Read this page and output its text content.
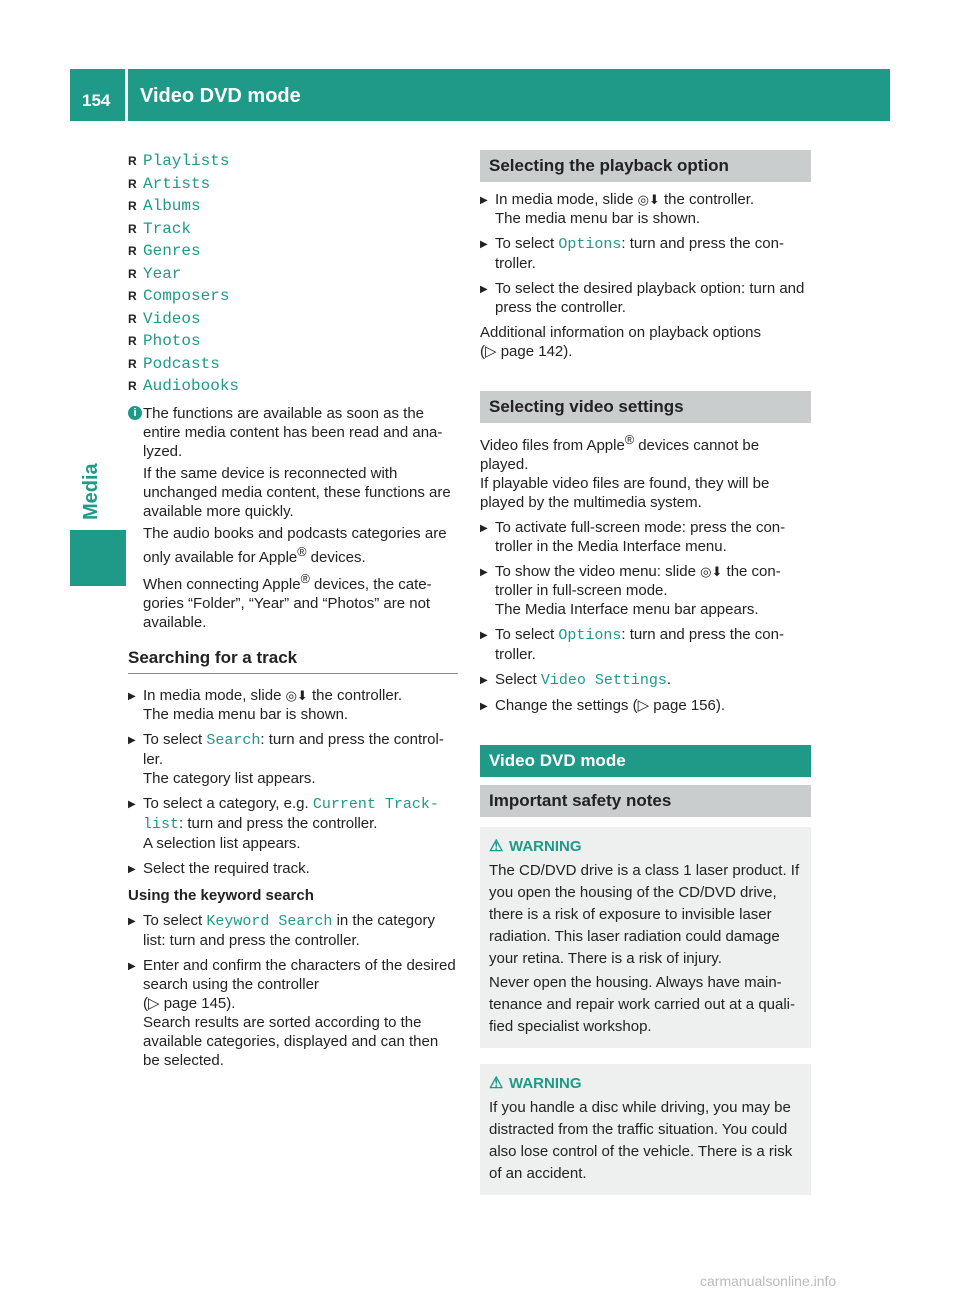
154 Video DVD mode
Media
R Playlists
R Artists
R Albums
R Track
R Genres
R Year
R Composers
R Videos
R Photos
R Podcasts
R Audiobooks
i The functions are available as soon as the entire media content has been read and ana-lyzed.

If the same device is reconnected with unchanged media content, these functions are available more quickly.

The audio books and podcasts categories are only available for Apple® devices.

When connecting Apple® devices, the cate-gories “Folder”, “Year” and “Photos” are not available.

Searching for a track
▶ In media mode, slide ◎⬇ the controller.
The media menu bar is shown.
▶ To select Search: turn and press the control-ler.
The category list appears.
▶ To select a category, e.g. Current Track-list: turn and press the controller.
A selection list appears.
▶ Select the required track.
Using the keyword search
▶ To select Keyword Search in the category list: turn and press the controller.
▶ Enter and confirm the characters of the desired search using the controller
(▷ page 145).
Search results are sorted according to the available categories, displayed and can then be selected.
Selecting the playback option
▶ In media mode, slide ◎⬇ the controller.
The media menu bar is shown.
▶ To select Options: turn and press the con-troller.
▶ To select the desired playback option: turn and press the controller.

Additional information on playback options
(▷ page 142).

Selecting video settings

Video files from Apple® devices cannot be played.

If playable video files are found, they will be played by the multimedia system.

▶ To activate full-screen mode: press the con-troller in the Media Interface menu.
▶ To show the video menu: slide ◎⬇ the con-troller in full-screen mode.
The Media Interface menu bar appears.
▶ To select Options: turn and press the con-troller.
▶ Select Video Settings.
▶ Change the settings (▷ page 156).
Video DVD mode
Important safety notes
⚠ WARNING

The CD/DVD drive is a class 1 laser product. If you open the housing of the CD/DVD drive, there is a risk of exposure to invisible laser radiation. This laser radiation could damage your retina. There is a risk of injury.

Never open the housing. Always have main-tenance and repair work carried out at a quali-fied specialist workshop.

⚠ WARNING

If you handle a disc while driving, you may be distracted from the traffic situation. You could also lose control of the vehicle. There is a risk of an accident.

carmanualsonline.info
